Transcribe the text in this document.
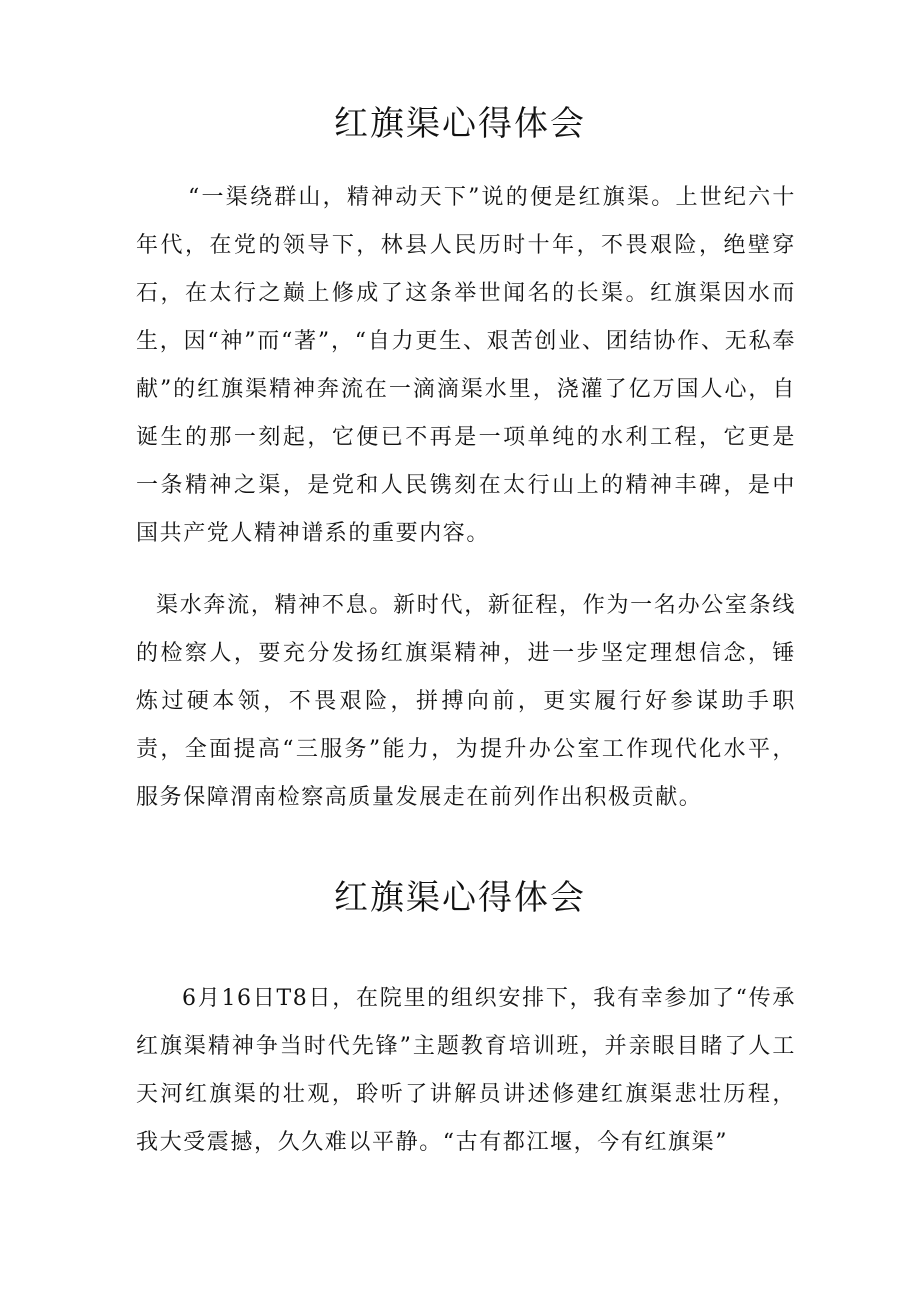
红旗渠心得体会

“一渠绕群山，精神动天下”说的便是红旗渠。上世纪六十年代，在党的领导下，林县人民历时十年，不畏艰险，绝壁穿石，在太行之巅上修成了这条举世闻名的长渠。红旗渠因水而生，因“神”而“著”，“自力更生、艰苦创业、团结协作、无私奉献”的红旗渠精神奔流在一滴滴渠水里，浇灌了亿万国人心，自诞生的那一刻起，它便已不再是一项单纯的水利工程，它更是一条精神之渠，是党和人民镌刻在太行山上的精神丰碑，是中国共产党人精神谱系的重要内容。

渠水奔流，精神不息。新时代，新征程，作为一名办公室条线的检察人，要充分发扬红旗渠精神，进一步坚定理想信念，锤炼过硬本领，不畏艰险，拼搏向前，更实履行好参谋助手职责，全面提高“三服务”能力，为提升办公室工作现代化水平，服务保障渭南检察高质量发展走在前列作出积极贡献。

红旗渠心得体会

6月16日T8日，在院里的组织安排下，我有幸参加了“传承红旗渠精神争当时代先锋”主题教育培训班，并亲眼目睹了人工天河红旗渠的壮观，聆听了讲解员讲述修建红旗渠悲壮历程，我大受震撼，久久难以平静。“古有都江堰，今有红旗渠”
